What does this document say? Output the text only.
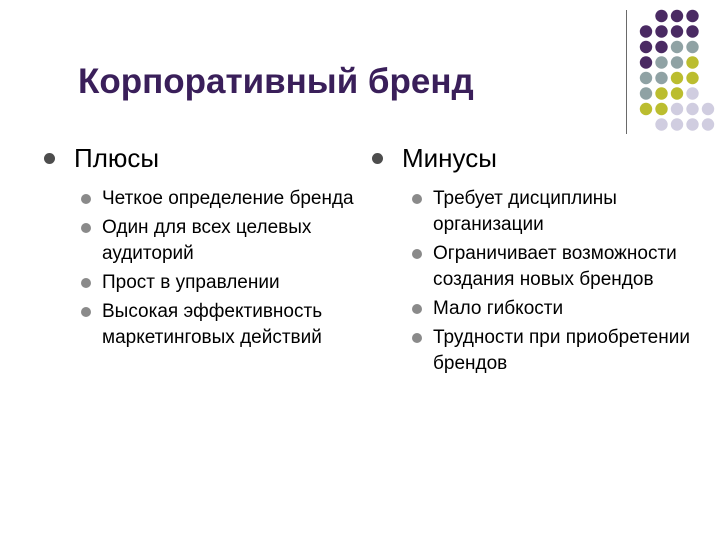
Корпоративный бренд
Плюсы
Четкое определение бренда
Один для всех целевых аудиторий
Прост в управлении
Высокая эффективность маркетинговых действий
Минусы
Требует дисциплины организации
Ограничивает возможности создания новых брендов
Мало гибкости
Трудности при приобретении брендов
